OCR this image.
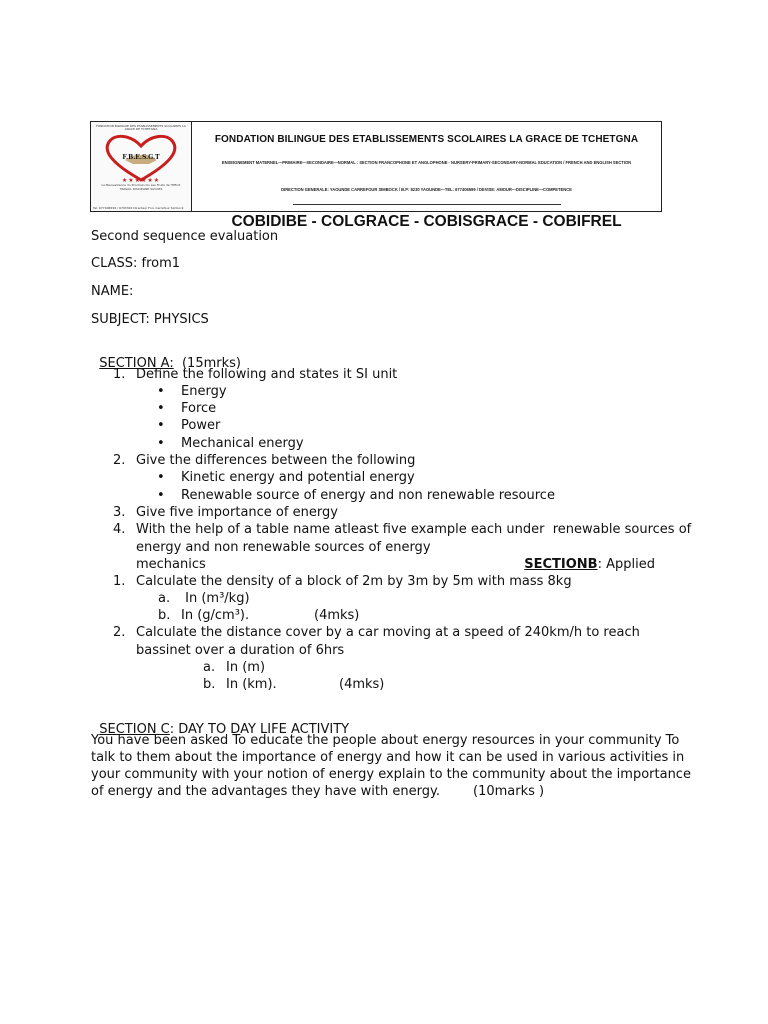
FONDATION BILINGUE DES ETABLISSEMENTS SCOLAIRES LA GRACE DE TCHETGNA
F.B.E.S.G.T
★★★★★★
La Bienveillance du Prochain Ou Les Fruits de l'Effort
TRAVAIL DISCIPLINE SUCCES
Tel: 677406599 / 6793322 Directeur Fon. Carrefour Simbock
FONDATION BILINGUE DES ETABLISSEMENTS SCOLAIRES LA GRACE DE TCHETGNA
ENSEIGNEMENT MATERNEL—PRIMAIRE—SECONDAIRE—NORMAL : SECTION FRANCOPHONE ET ANGLOPHONE - NURSERY-PRIMARY-SECONDARY-NORMAL EDUCATION / FRENCH AND ENGLISH SECTION
DIRECTION GENERALE: YAOUNDE CARREFOUR SIMBOCK / B.P: 8230 YAOUNDE—TEL: 677406599 / DEVISE: AMOUR—DISCIPLINE—COMPETENCE
COBIDIBE - COLGRACE - COBISGRACE - COBIFREL
Second sequence evaluation
CLASS: from1
NAME:
SUBJECT: PHYSICS

SECTION A:  (15mrks)

1. Define the following and states it SI unit
• Energy
• Force
• Power
• Mechanical energy
2. Give the differences between the following
• Kinetic energy and potential energy
• Renewable source of energy and non renewable resource
3. Give five importance of energy
4. With the help of a table name atleast five example each under  renewable sources of
energy and non renewable sources of energy

SECTIONB: Applied

mechanics
1. Calculate the density of a block of 2m by 3m by 5m with mass 8kg
a. In (m³/kg)
b. In (g/cm³).	(4mks)
2. Calculate the distance cover by a car moving at a speed of 240km/h to reach
bassinet over a duration of 6hrs
a. In (m)
b. In (km).	(4mks)

SECTION C: DAY TO DAY LIFE ACTIVITY

You have been asked To educate the people about energy resources in your community To
talk to them about the importance of energy and how it can be used in various activities in
your community with your notion of energy explain to the community about the importance
of energy and the advantages they have with energy.        (10marks )
